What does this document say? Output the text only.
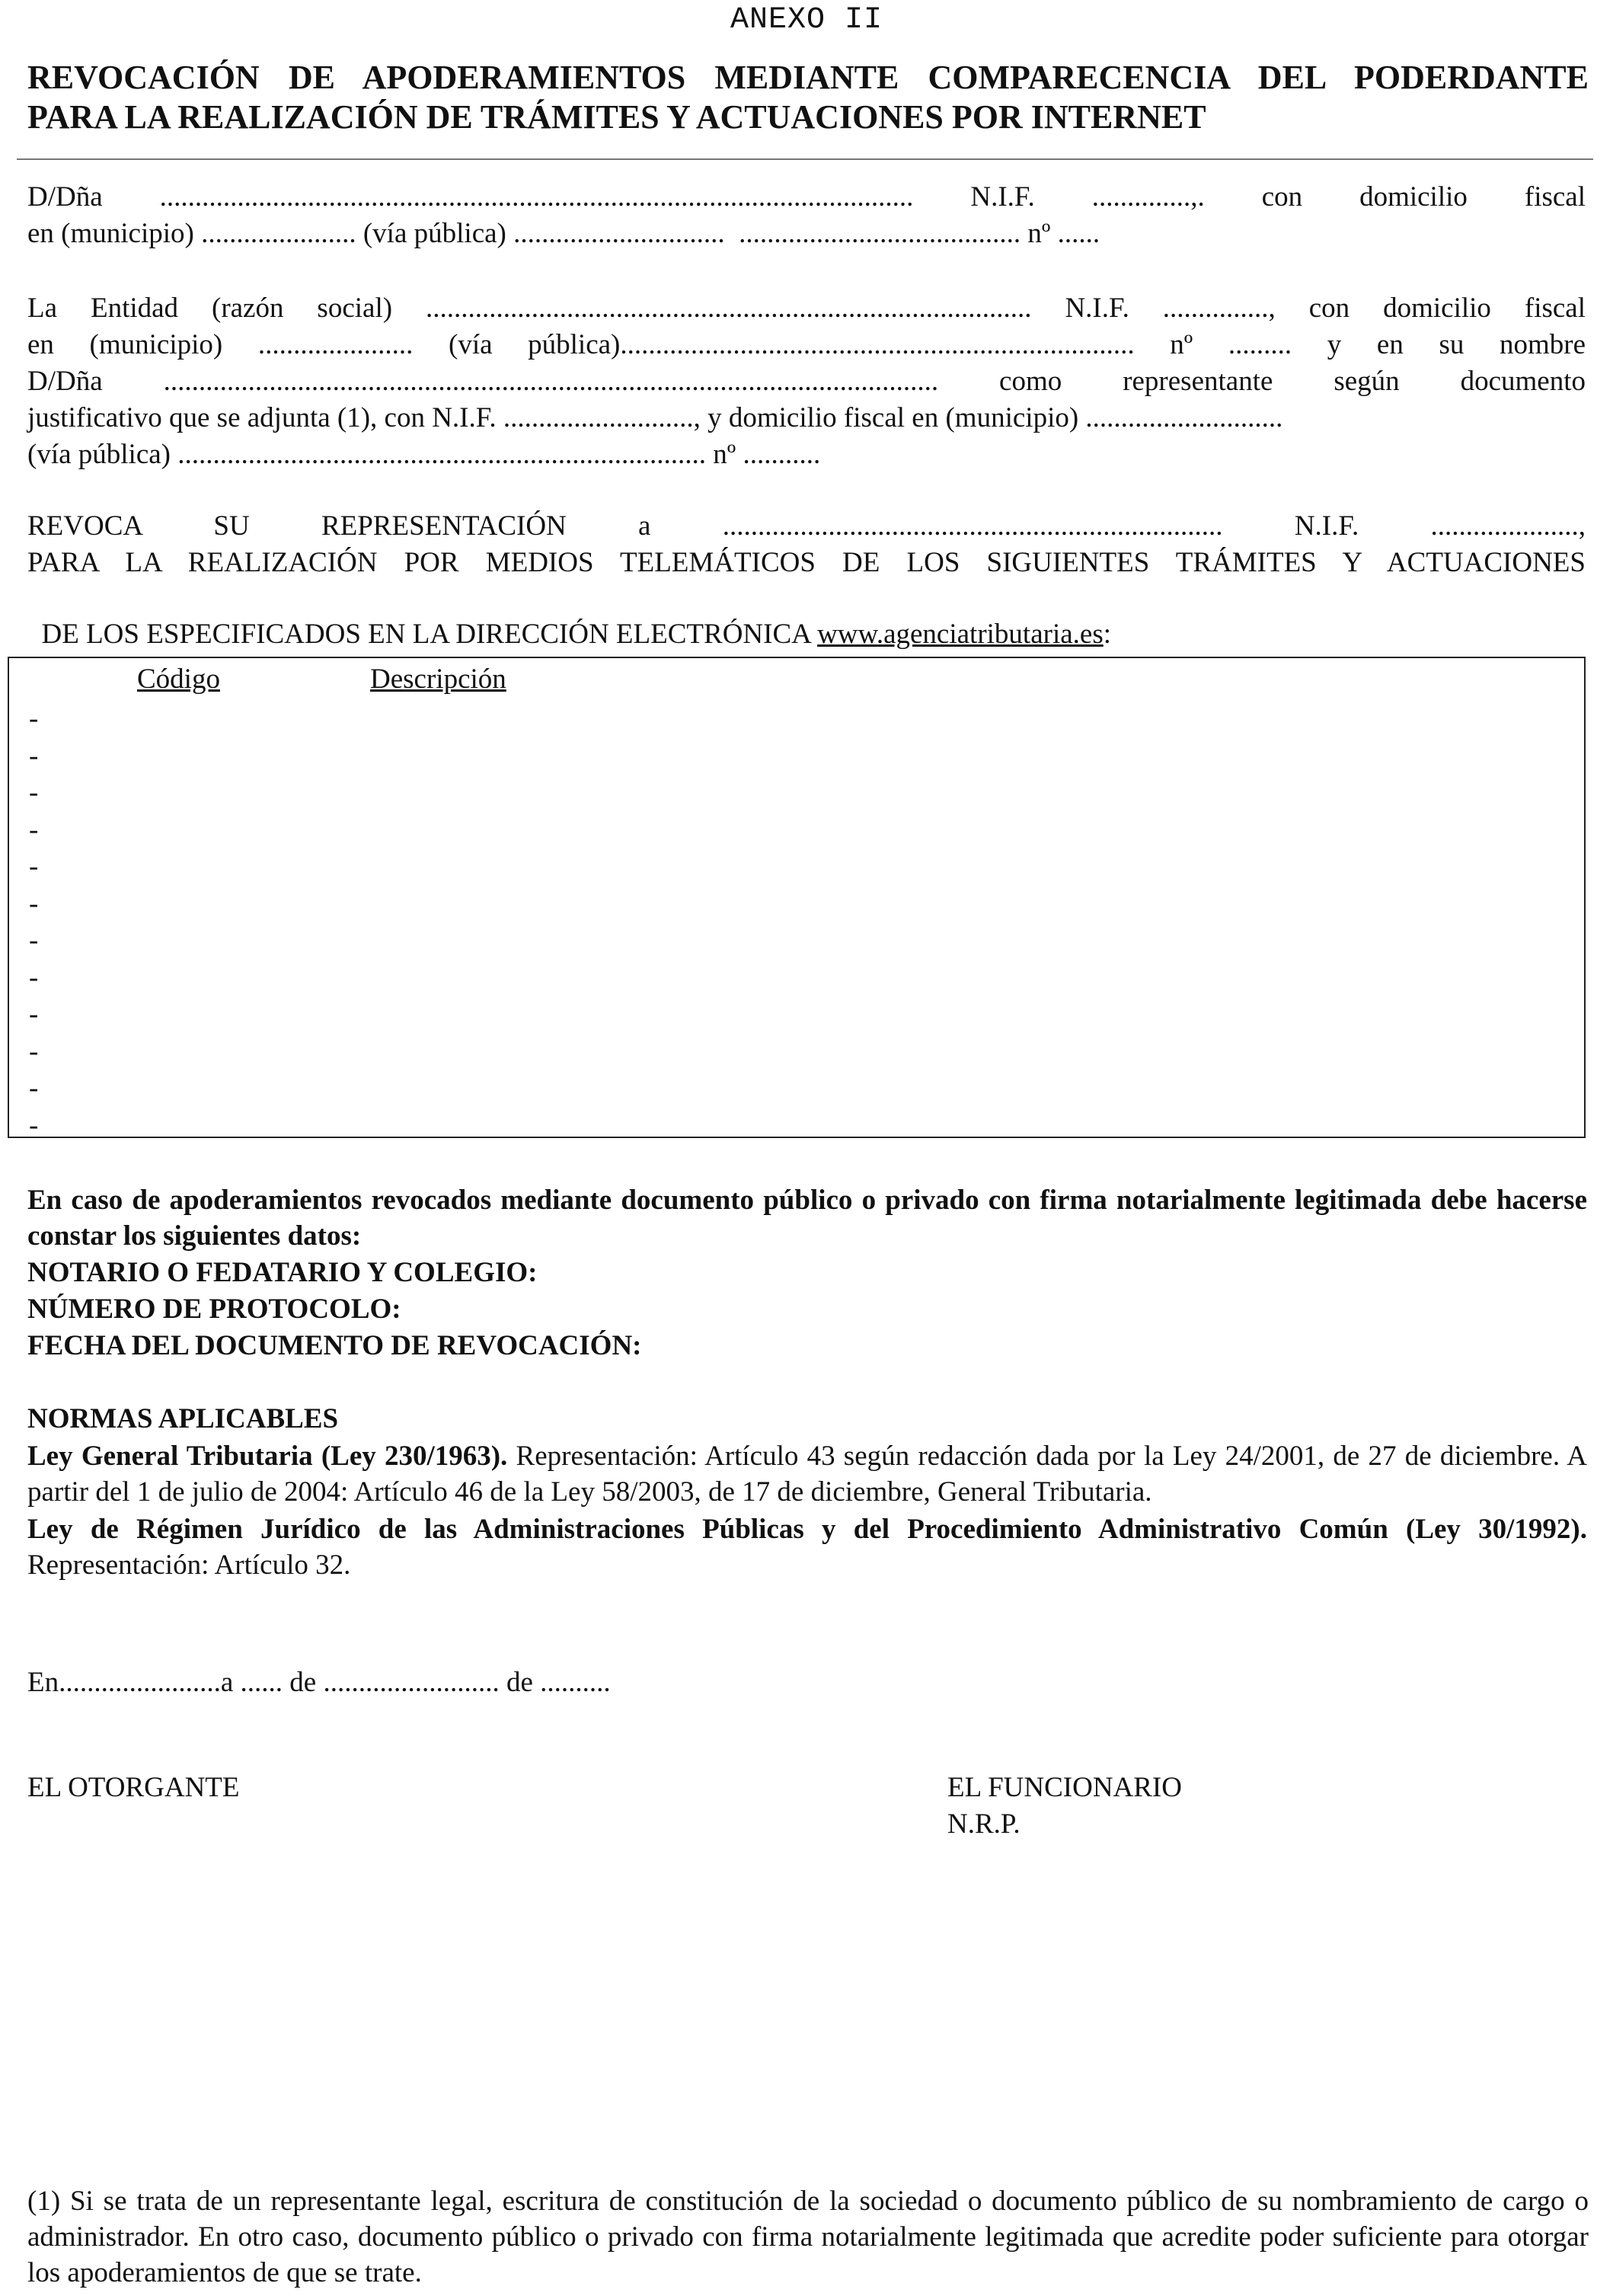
ANEXO II
REVOCACIÓN DE APODERAMIENTOS MEDIANTE COMPARECENCIA DEL PODERDANTE
PARA LA REALIZACIÓN DE TRÁMITES Y ACTUACIONES POR INTERNET
D/Dña ........................................................................................................... N.I.F. ..............,. con domicilio fiscal
en (municipio) ...................... (vía pública) ..............................  ........................................ nº ......
La Entidad (razón social) ...................................................................................... N.I.F. ..............., con domicilio fiscal
en (municipio) ...................... (vía pública)......................................................................... nº ......... y en su nombre
D/Dña .............................................................................................................. como representante según documento
justificativo que se adjunta (1), con N.I.F. ..........................., y domicilio fiscal en (municipio) ............................
(vía pública) ........................................................................... nº ...........
REVOCA SU REPRESENTACIÓN a .......................................................................	N.I.F. .....................,
PARA LA REALIZACIÓN POR MEDIOS TELEMÁTICOS DE LOS SIGUIENTES TRÁMITES Y ACTUACIONES

DE LOS ESPECIFICADOS EN LA DIRECCIÓN ELECTRÓNICA www.agenciatributaria.es:

Código	Descripción
-
-
-
-
-
-
-
-
-
-
-
-
En caso de apoderamientos revocados mediante documento público o privado con firma notarialmente legitimada debe hacerse constar los siguientes datos:
NOTARIO O FEDATARIO Y COLEGIO:
NÚMERO DE PROTOCOLO:
FECHA DEL DOCUMENTO DE REVOCACIÓN:
NORMAS APLICABLES
Ley General Tributaria (Ley 230/1963). Representación: Artículo 43 según redacción dada por la Ley 24/2001, de 27 de diciembre. A partir del 1 de julio de 2004: Artículo 46 de la Ley 58/2003, de 17 de diciembre, General Tributaria.
Ley de Régimen Jurídico de las Administraciones Públicas y del Procedimiento Administrativo Común (Ley 30/1992). Representación: Artículo 32.
En.......................a ...... de ......................... de ..........
EL OTORGANTE	EL FUNCIONARIO
N.R.P.
(1) Si se trata de un representante legal, escritura de constitución de la sociedad o documento público de su nombramiento de cargo o administrador. En otro caso, documento público o privado con firma notarialmente legitimada que acredite poder suficiente para otorgar los apoderamientos de que se trate.
